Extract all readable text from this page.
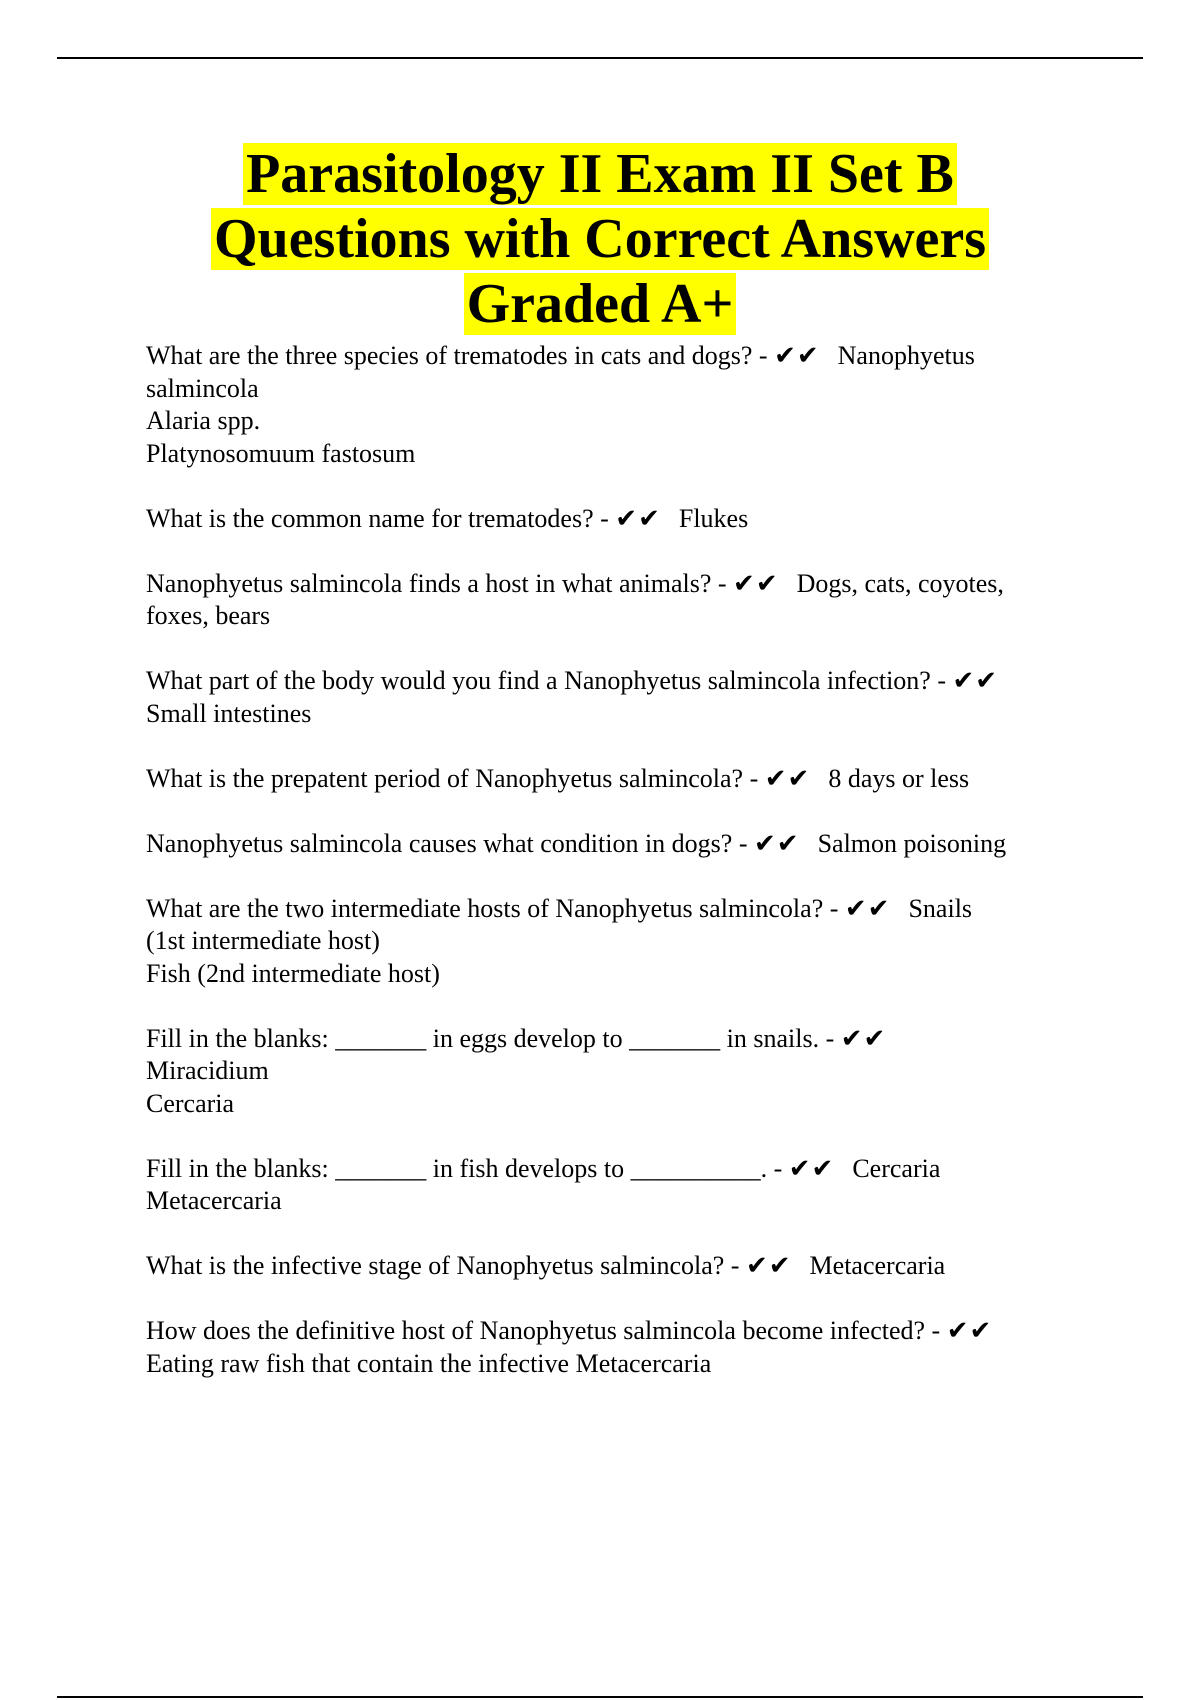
Parasitology II Exam II Set B
Questions with Correct Answers
Graded A+
What are the three species of trematodes in cats and dogs? - ✔✔ Nanophyetus
salmincola
Alaria spp.
Platynosomuum fastosum
What is the common name for trematodes? - ✔✔ Flukes
Nanophyetus salmincola finds a host in what animals? - ✔✔ Dogs, cats, coyotes,
foxes, bears
What part of the body would you find a Nanophyetus salmincola infection? - ✔✔
Small intestines
What is the prepatent period of Nanophyetus salmincola? - ✔✔ 8 days or less
Nanophyetus salmincola causes what condition in dogs? - ✔✔ Salmon poisoning
What are the two intermediate hosts of Nanophyetus salmincola? - ✔✔ Snails
(1st intermediate host)
Fish (2nd intermediate host)
Fill in the blanks: _______ in eggs develop to _______ in snails. - ✔✔
Miracidium
Cercaria
Fill in the blanks: _______ in fish develops to __________. - ✔✔ Cercaria
Metacercaria
What is the infective stage of Nanophyetus salmincola? - ✔✔ Metacercaria
How does the definitive host of Nanophyetus salmincola become infected? - ✔✔
Eating raw fish that contain the infective Metacercaria
